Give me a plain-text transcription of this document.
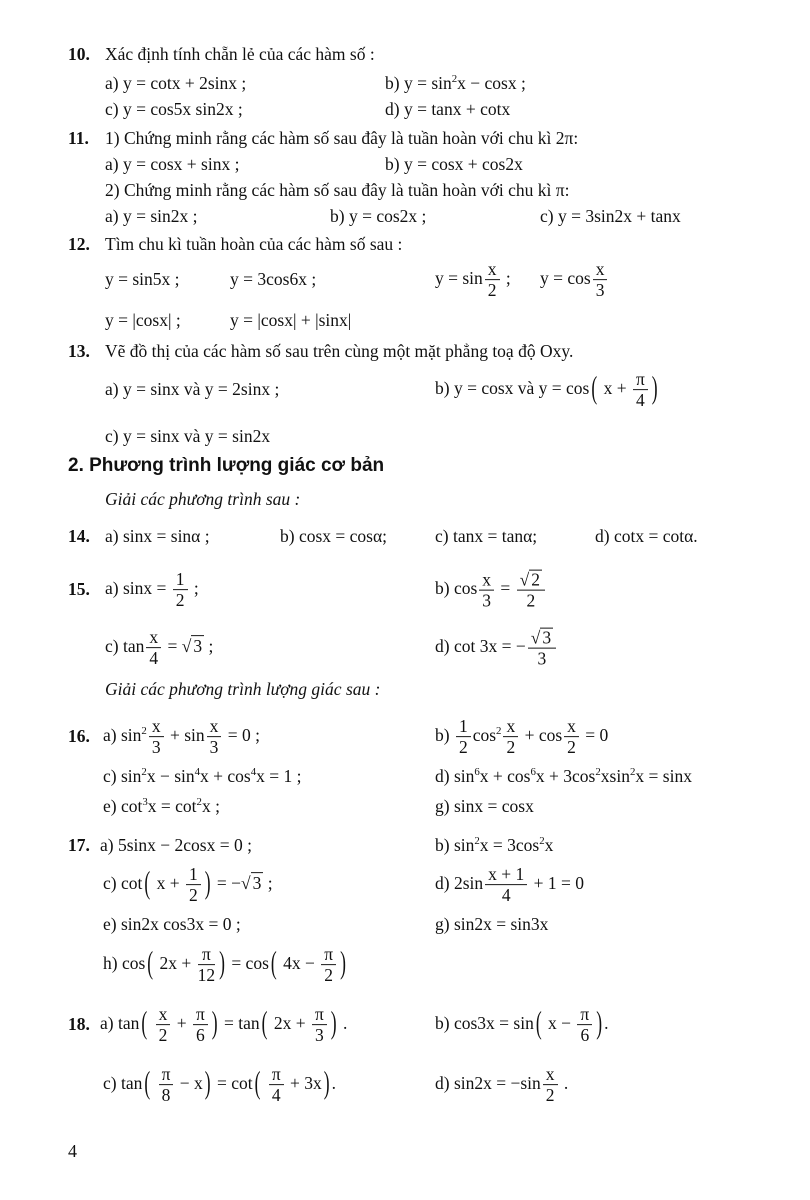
10. Xác định tính chẵn lẻ của các hàm số :
a) y = cotx + 2sinx ;	b) $y = \sin^2x - \cos x$ ;
c) y = cos5x sin2x ;	d) y = tanx + cotx
11. 1) Chứng minh rằng các hàm số sau đây là tuần hoàn với chu kì 2π:
a) y = cosx + sinx ;	b) y = cosx + cos2x
2) Chứng minh rằng các hàm số sau đây là tuần hoàn với chu kì π:
a) y = sin2x ;	b) y = cos2x ;	c) y = 3sin2x + tanx
12. Tìm chu kì tuần hoàn của các hàm số sau :
y = sin5x ;	y = 3cos6x ;	$y = \sin \frac{x}{2}$ ; $y = \cos \frac{x}{3}$
y = |cosx| ;	y = |cosx| + |sinx|
13. Vẽ đồ thị của các hàm số sau trên cùng một mặt phẳng toạ độ Oxy.
a) y = sinx và y = 2sinx ;	b) y = cosx và y = cos ( $x + \frac{\pi}{4}$ )
c) y = sinx và y = sin2x
2. Phương trình lượng giác cơ bản
Giải các phương trình sau :
14. a) sinx = sinα ;	b) cosx = cosα;	c) tanx = tanα;	d) cotx = cotα.
15. a) $\sin x = \frac{1}{2}$ ;	b) $\cos \frac{x}{3} = \frac{√ 2}{2}$
c) $\tan \frac{x}{4}$ = √ 3 ;	d) cot 3x = − $\frac{√ 3}{3}$
Giải các phương trình lượng giác sau :
16. a) $\sin^2 \frac{x}{3} + \sin \frac{x}{3} = 0$ ;	$b) \frac{1}{2} \cos^2 \frac{x}{2} + \cos \frac{x}{2} = 0$
c) $\sin^2x - \sin^4x + \cos^4x = 1$ ;	d) $\sin^6x + \cos^6x + 3\cos^2xsin^2x = \sin x$
e) $\cot^3x = \cot^2x$ ;	g) sinx = cosx
17. a) 5sinx − 2cosx = 0 ;	b) $\sin^2x = 3\cos^2x$
c) cot ( $x + \frac{1}{2}$ ) = −√ 3 ;	d) $2\sin \frac{x + 1}{4} + 1 = 0$
e) sin2x cos3x = 0 ;	g) sin2x = sin3x
h) cos ( $2x + \frac{\pi}{12}$ ) = cos ( $4x - \frac{\pi}{2}$ )
18. a) tan ( $\frac{x}{2} + \frac{\pi}{6}$ ) = tan ( $2x + \frac{\pi}{3}$ ) .	b) cos3x = sin ( $x - \frac{\pi}{6}$ ) .
c) tan ( $\frac{\pi}{8} - x$ ) = cot ( $\frac{\pi}{4} + 3x$ ) .	d) $\sin 2x = -\sin \frac{x}{2}$ .
4
